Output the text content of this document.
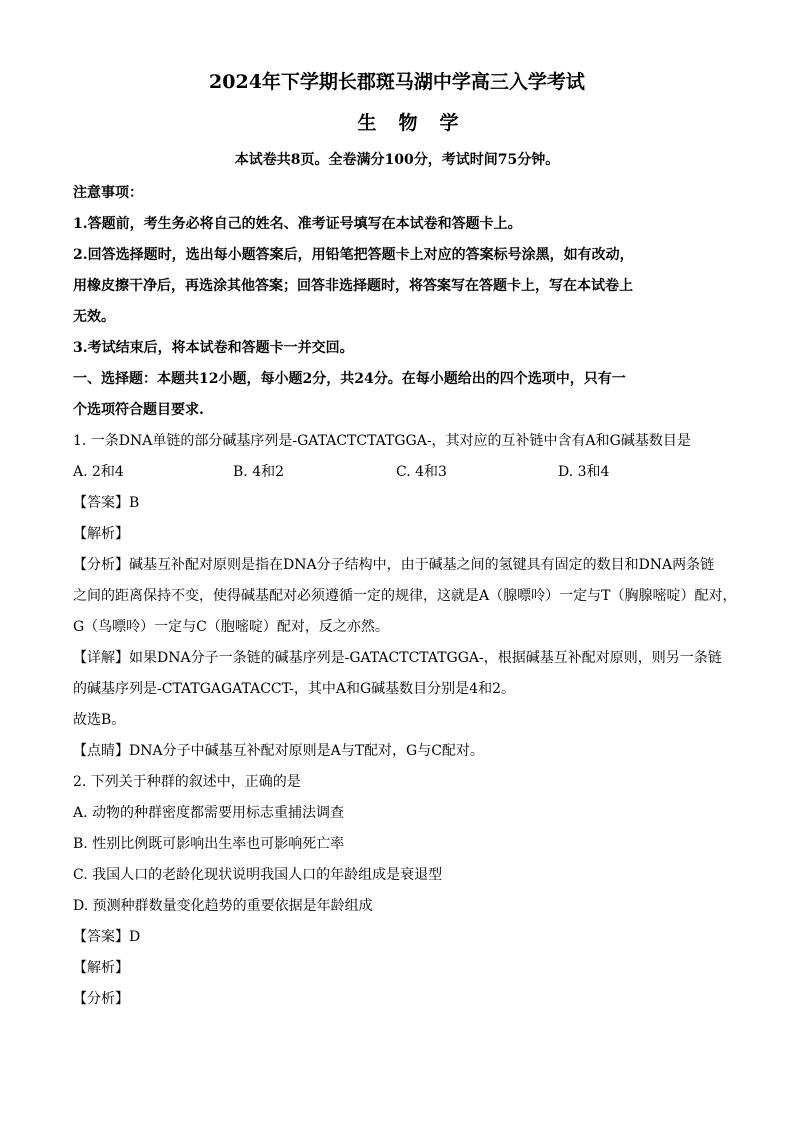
2024年下学期长郡斑马湖中学高三入学考试
生物学
本试卷共8页。全卷满分100分，考试时间75分钟。
注意事项：
1.答题前，考生务必将自己的姓名、准考证号填写在本试卷和答题卡上。
2.回答选择题时，选出每小题答案后，用铅笔把答题卡上对应的答案标号涂黑，如有改动，
用橡皮擦干净后，再选涂其他答案；回答非选择题时，将答案写在答题卡上，写在本试卷上
无效。
3.考试结束后，将本试卷和答题卡一并交回。
一、选择题：本题共12小题，每小题2分，共24分。在每小题给出的四个选项中，只有一
个选项符合题目要求.
1. 一条DNA单链的部分碱基序列是-GATACTCTATGGA-，其对应的互补链中含有A和G碱基数目是
A. 2和4	B. 4和2	C. 4和3	D. 3和4
【答案】B
【解析】
【分析】碱基互补配对原则是指在DNA分子结构中，由于碱基之间的氢键具有固定的数目和DNA两条链
之间的距离保持不变，使得碱基配对必须遵循一定的规律，这就是A（腺嘌呤）一定与T（胸腺嘧啶）配对，
G（鸟嘌呤）一定与C（胞嘧啶）配对，反之亦然。
【详解】如果DNA分子一条链的碱基序列是-GATACTCTATGGA-，根据碱基互补配对原则，则另一条链
的碱基序列是-CTATGAGATACCT-，其中A和G碱基数目分别是4和2。
故选B。
【点睛】DNA分子中碱基互补配对原则是A与T配对，G与C配对。
2. 下列关于种群的叙述中，正确的是
A. 动物的种群密度都需要用标志重捕法调查
B. 性别比例既可影响出生率也可影响死亡率
C. 我国人口的老龄化现状说明我国人口的年龄组成是衰退型
D. 预测种群数量变化趋势的重要依据是年龄组成
【答案】D
【解析】
【分析】
